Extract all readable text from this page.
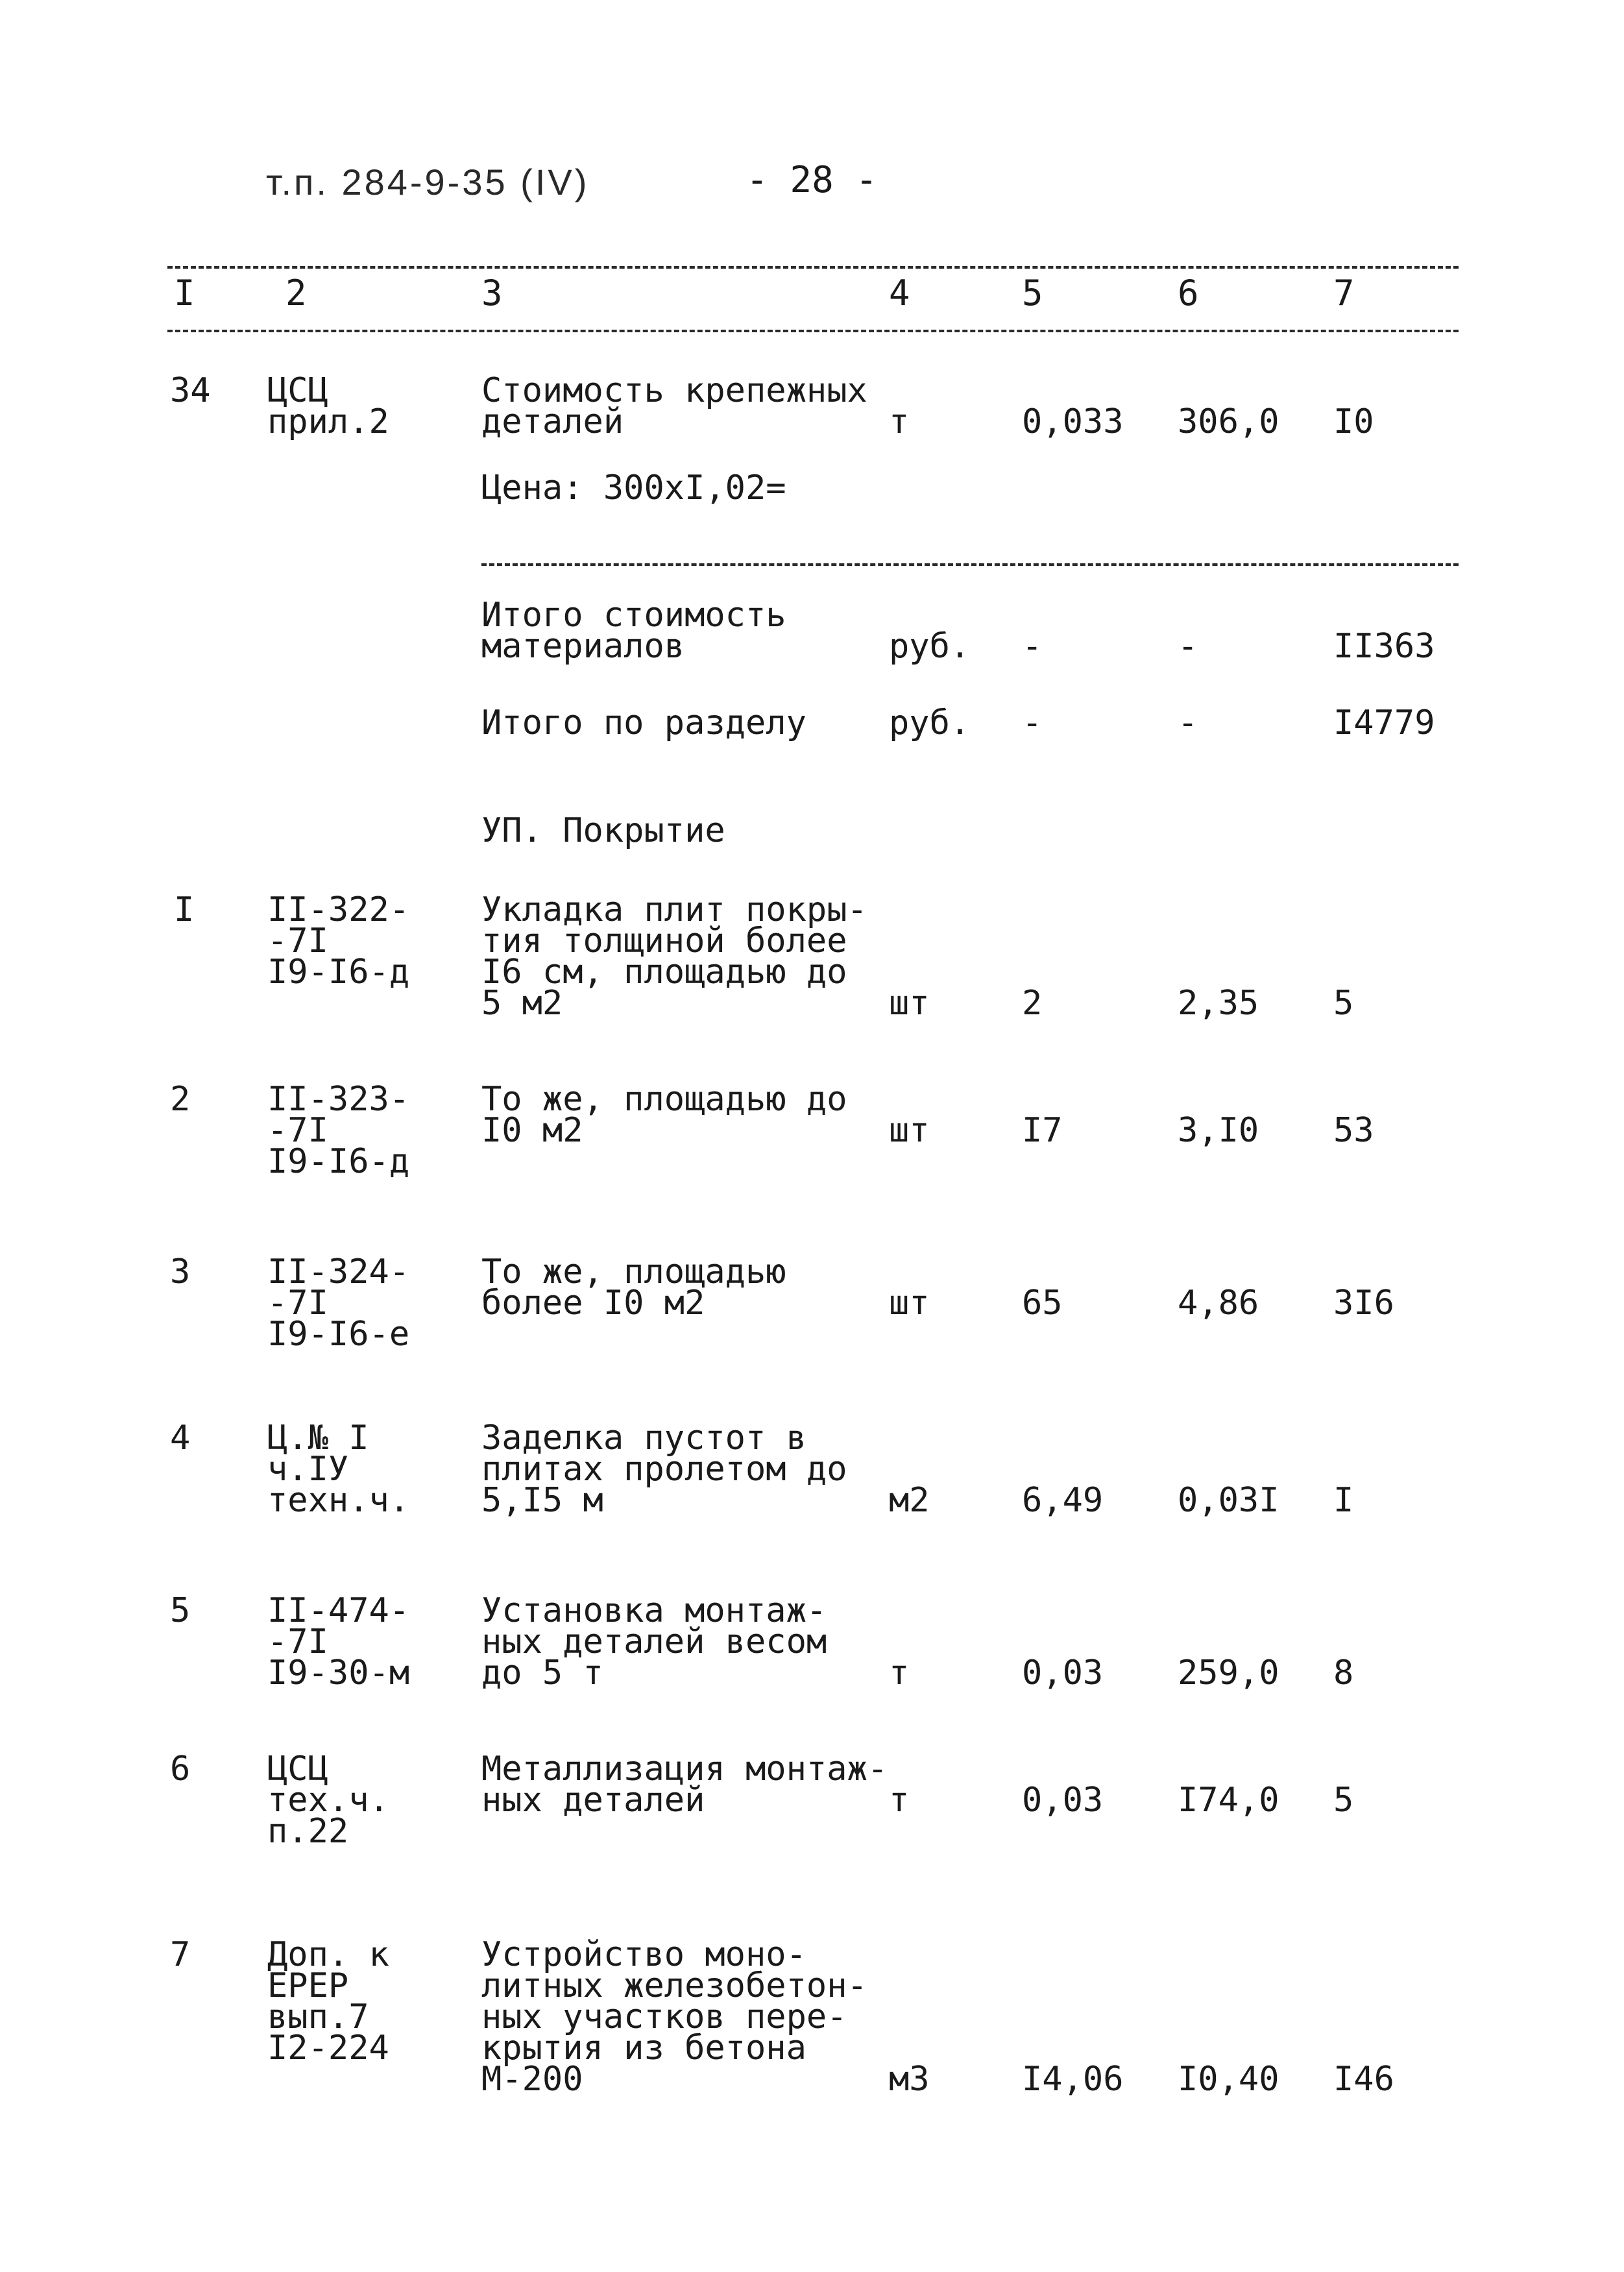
т.п. 284-9-35 (IV)	- 28 -
I	2	3	4	5	6	7
34 ЦСЦ
прил.2
Стоимость крепежных
деталей	т	0,033 306,0 I0
Цена: 300хI,02=
Итого стоимость
материалов	руб. -	-	II363
Итого по разделу руб. -	-	I4779
УП. Покрытие
I II-322-
-7I
I9-I6-д
Укладка плит покры-
тия толщиной более
I6 см, площадью до
5 м2	шт	2	2,35 5
2 II-323-
-7I
I9-I6-д
То же, площадью до
I0 м2	шт	I7	3,I0 53
3 II-324-
-7I
I9-I6-е
То же, площадью
более I0 м2	шт	65	4,86 3I6
4 Ц.№ I
ч.IУ
техн.ч.
Заделка пустот в
плитах пролетом до
5,I5 м	м2	6,49 0,03I I
5 II-474-
-7I
I9-30-м
Установка монтаж-
ных деталей весом
до 5 т	т	0,03 259,0 8
6 ЦСЦ
тех.ч.
п.22
Металлизация монтаж-
ных деталей	т	0,03 I74,0 5
7 Доп. к
ЕРЕР
вып.7
I2-224
Устройство моно-
литных железобетон-
ных участков пере-
крытия из бетона
М-200	м3	I4,06 I0,40 I46
